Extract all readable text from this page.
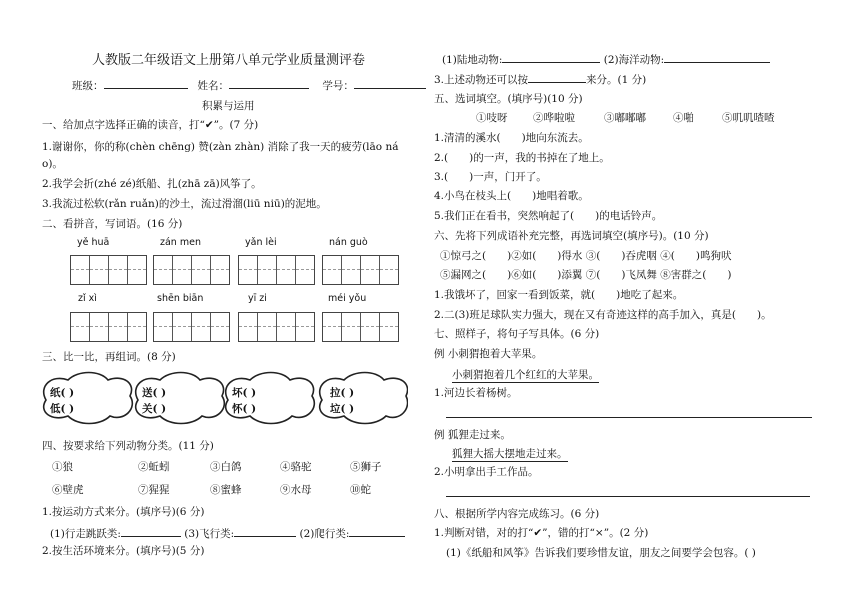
人教版二年级语文上册第八单元学业质量测评卷
班级：	姓名：	学号：
积累与运用
一、给加点字选择正确的读音，打“✔”。(7 分)
1.谢谢你，你的称(chèn chēng) 赞(zàn zhàn) 消除了我一天的疲劳(lāo ná
o)。
2.我学会折(zhé zé)纸船、扎(zhā zā)风筝了。
3.我流过松软(rǎn ruǎn)的沙土，流过滑溜(liū niū)的泥地。
二、看拼音，写词语。(16 分)
yě huā	zán men	yǎn lèi	nán guò
zǐ xì	shēn biān	yī zi	méi yǒu
三、比一比，再组词。(8 分)
纸( )
低( )
送( )
关( )
坏( )
怀( )
拉( )
垃( )
四、按要求给下列动物分类。(11 分)
①狼	②蚯蚓	③白鸽	④骆驼	⑤狮子
⑥壁虎	⑦猩猩	⑧蜜蜂	⑨水母	⑩蛇
1.按运动方式来分。(填序号)(6 分)
(1)行走跳跃类:	(3)飞行类:	(2)爬行类:
2.按生活环境来分。(填序号)(5 分)
(1)陆地动物:	(2)海洋动物:
3.上述动物还可以按	来分。(1 分)
五、选词填空。(填序号)(10 分)
①吱呀 ②哗啦啦	③嘟嘟嘟	④啪	⑤叽叽喳喳
1.清清的溪水(　　)地向东流去。
2.(　　)的一声，我的书掉在了地上。
3.(　　)一声，门开了。
4.小鸟在枝头上(　　)地唱着歌。
5.我们正在看书，突然响起了(　　)的电话铃声。
六、先将下列成语补充完整，再选词填空(填序号)。(10 分)
①惊弓之(　　)②如(　　)得水 ③(　　)吞虎咽 ④(　　)鸣狗吠
⑤漏网之(　　)⑥如(　　)添翼 ⑦(　　)飞凤舞 ⑧害群之(　　)
1.我饿坏了，回家一看到饭菜，就(　　)地吃了起来。
2.二(3)班足球队实力强大，现在又有奇迹这样的高手加入，真是(　　)。
七、照样子，将句子写具体。(6 分)
例 小刺猬抱着大苹果。
小刺猬抱着几个红红的大苹果。
1.河边长着杨树。
例 狐狸走过来。
狐狸大摇大摆地走过来。
2.小明拿出手工作品。
八、根据所学内容完成练习。(6 分)
1.判断对错，对的打“✔”，错的打“×”。(2 分)
(1)《纸船和风筝》告诉我们要珍惜友谊，朋友之间要学会包容。( )
